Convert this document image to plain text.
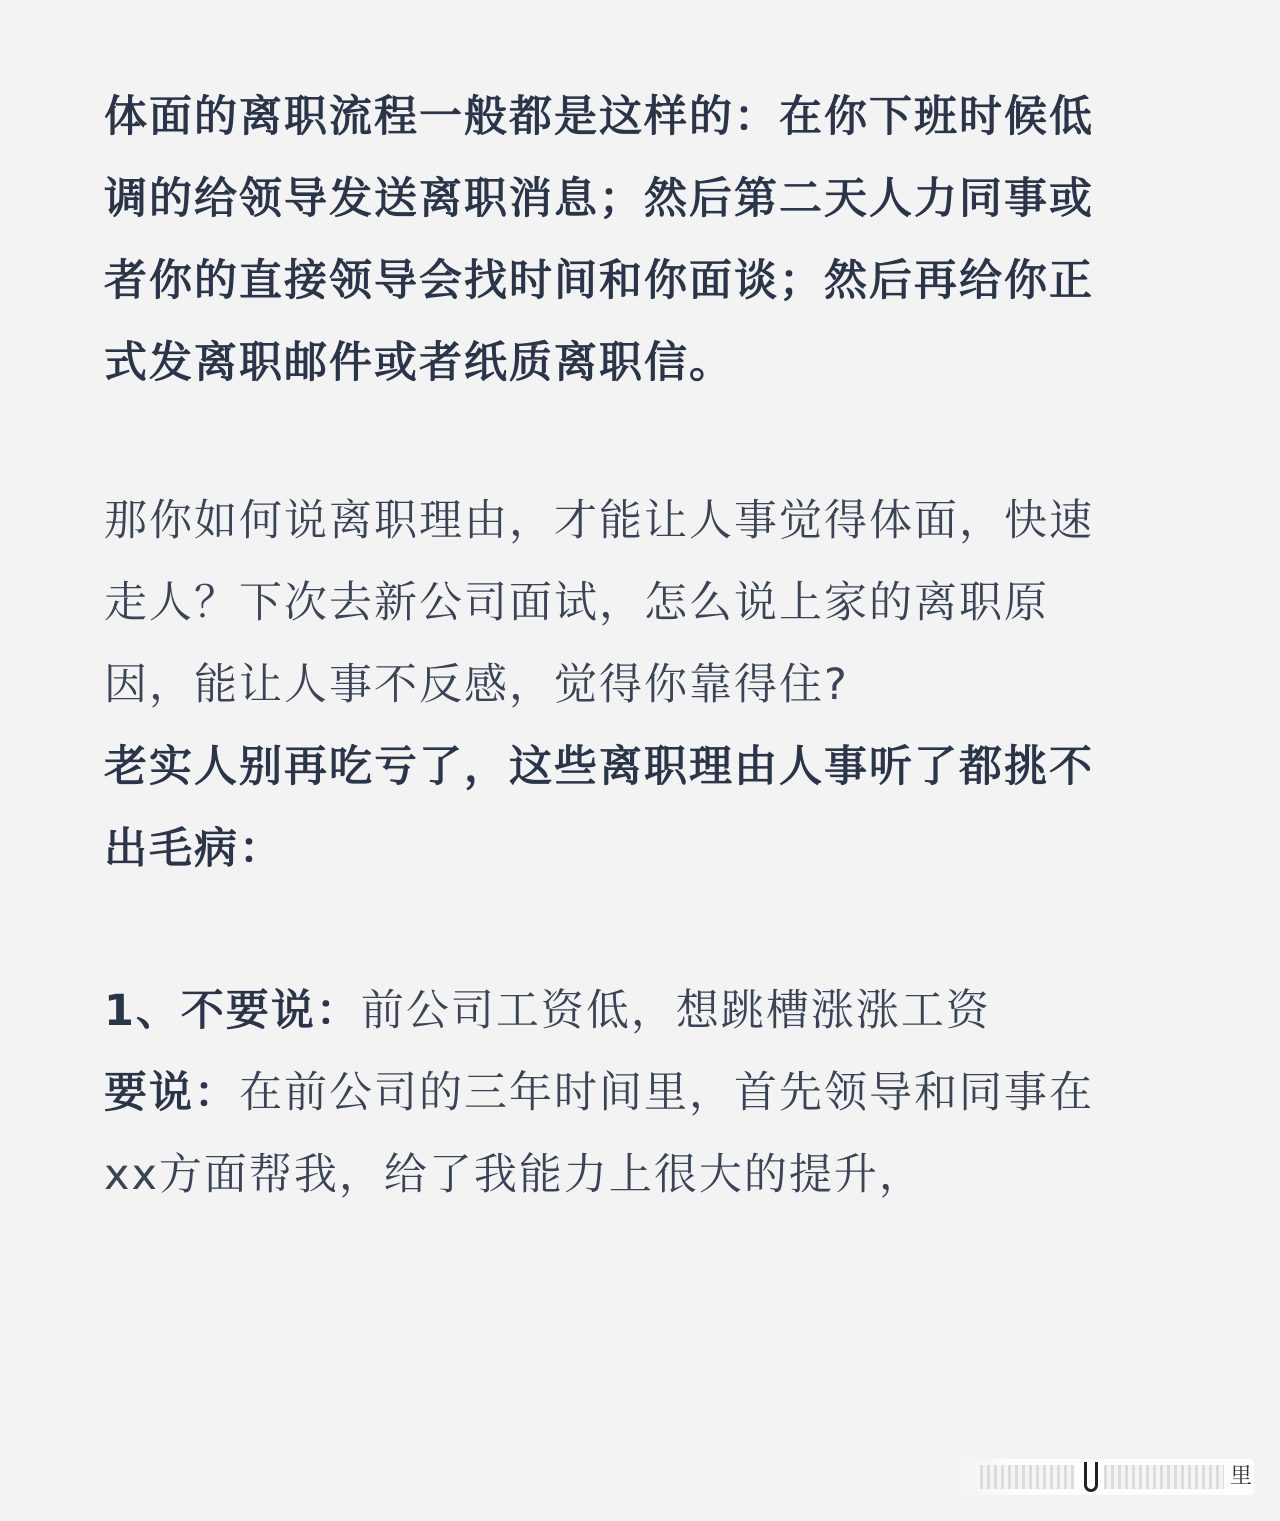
体面的离职流程一般都是这样的：在你下班时候低调的给领导发送离职消息；然后第二天人力同事或者你的直接领导会找时间和你面谈；然后再给你正式发离职邮件或者纸质离职信。

那你如何说离职理由，才能让人事觉得体面，快速走人？下次去新公司面试，怎么说上家的离职原因，能让人事不反感，觉得你靠得住?

老实人别再吃亏了，这些离职理由人事听了都挑不出毛病：

1、不要说：前公司工资低，想跳槽涨涨工资

要说：在前公司的三年时间里，首先领导和同事在xx方面帮我，给了我能力上很大的提升，

里
